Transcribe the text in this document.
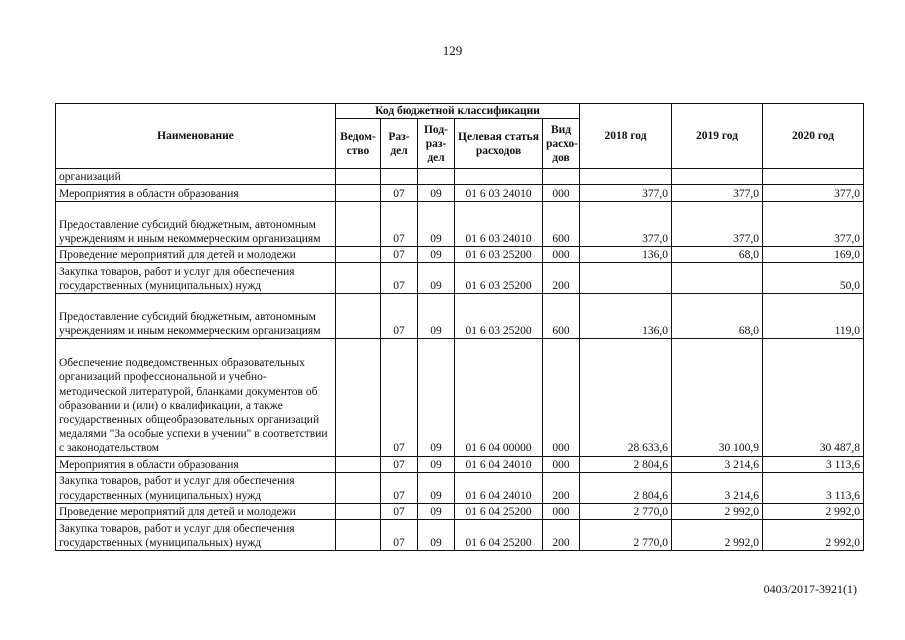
129
Наименование	Код бюджетной классификации					2018 год	2019 год	2020 год
	Ведом-ство	Раз-дел	Под-раз-дел	Целевая статья расходов	Вид расхо-дов			
организаций								
Мероприятия в области образования		07	09	01 6 03 24010	000	377,0	377,0	377,0
Предоставление субсидий бюджетным, автономным учреждениям и иным некоммерческим организациям		07	09	01 6 03 24010	600	377,0	377,0	377,0
Проведение мероприятий для детей и молодежи		07	09	01 6 03 25200	000	136,0	68,0	169,0
Закупка товаров, работ и услуг для обеспечения государственных (муниципальных) нужд		07	09	01 6 03 25200	200			50,0
Предоставление субсидий бюджетным, автономным учреждениям и иным некоммерческим организациям		07	09	01 6 03 25200	600	136,0	68,0	119,0
Обеспечение подведомственных образовательных организаций профессиональной и учебно-методической литературой, бланками документов об образовании и (или) о квалификации, а также государственных общеобразовательных организаций медалями "За особые успехи в учении" в соответствии с законодательством		07	09	01 6 04 00000	000	28 633,6	30 100,9	30 487,8
Мероприятия в области образования		07	09	01 6 04 24010	000	2 804,6	3 214,6	3 113,6
Закупка товаров, работ и услуг для обеспечения государственных (муниципальных) нужд		07	09	01 6 04 24010	200	2 804,6	3 214,6	3 113,6
Проведение мероприятий для детей и молодежи		07	09	01 6 04 25200	000	2 770,0	2 992,0	2 992,0
Закупка товаров, работ и услуг для обеспечения государственных (муниципальных) нужд		07	09	01 6 04 25200	200	2 770,0	2 992,0	2 992,0
0403/2017-3921(1)
